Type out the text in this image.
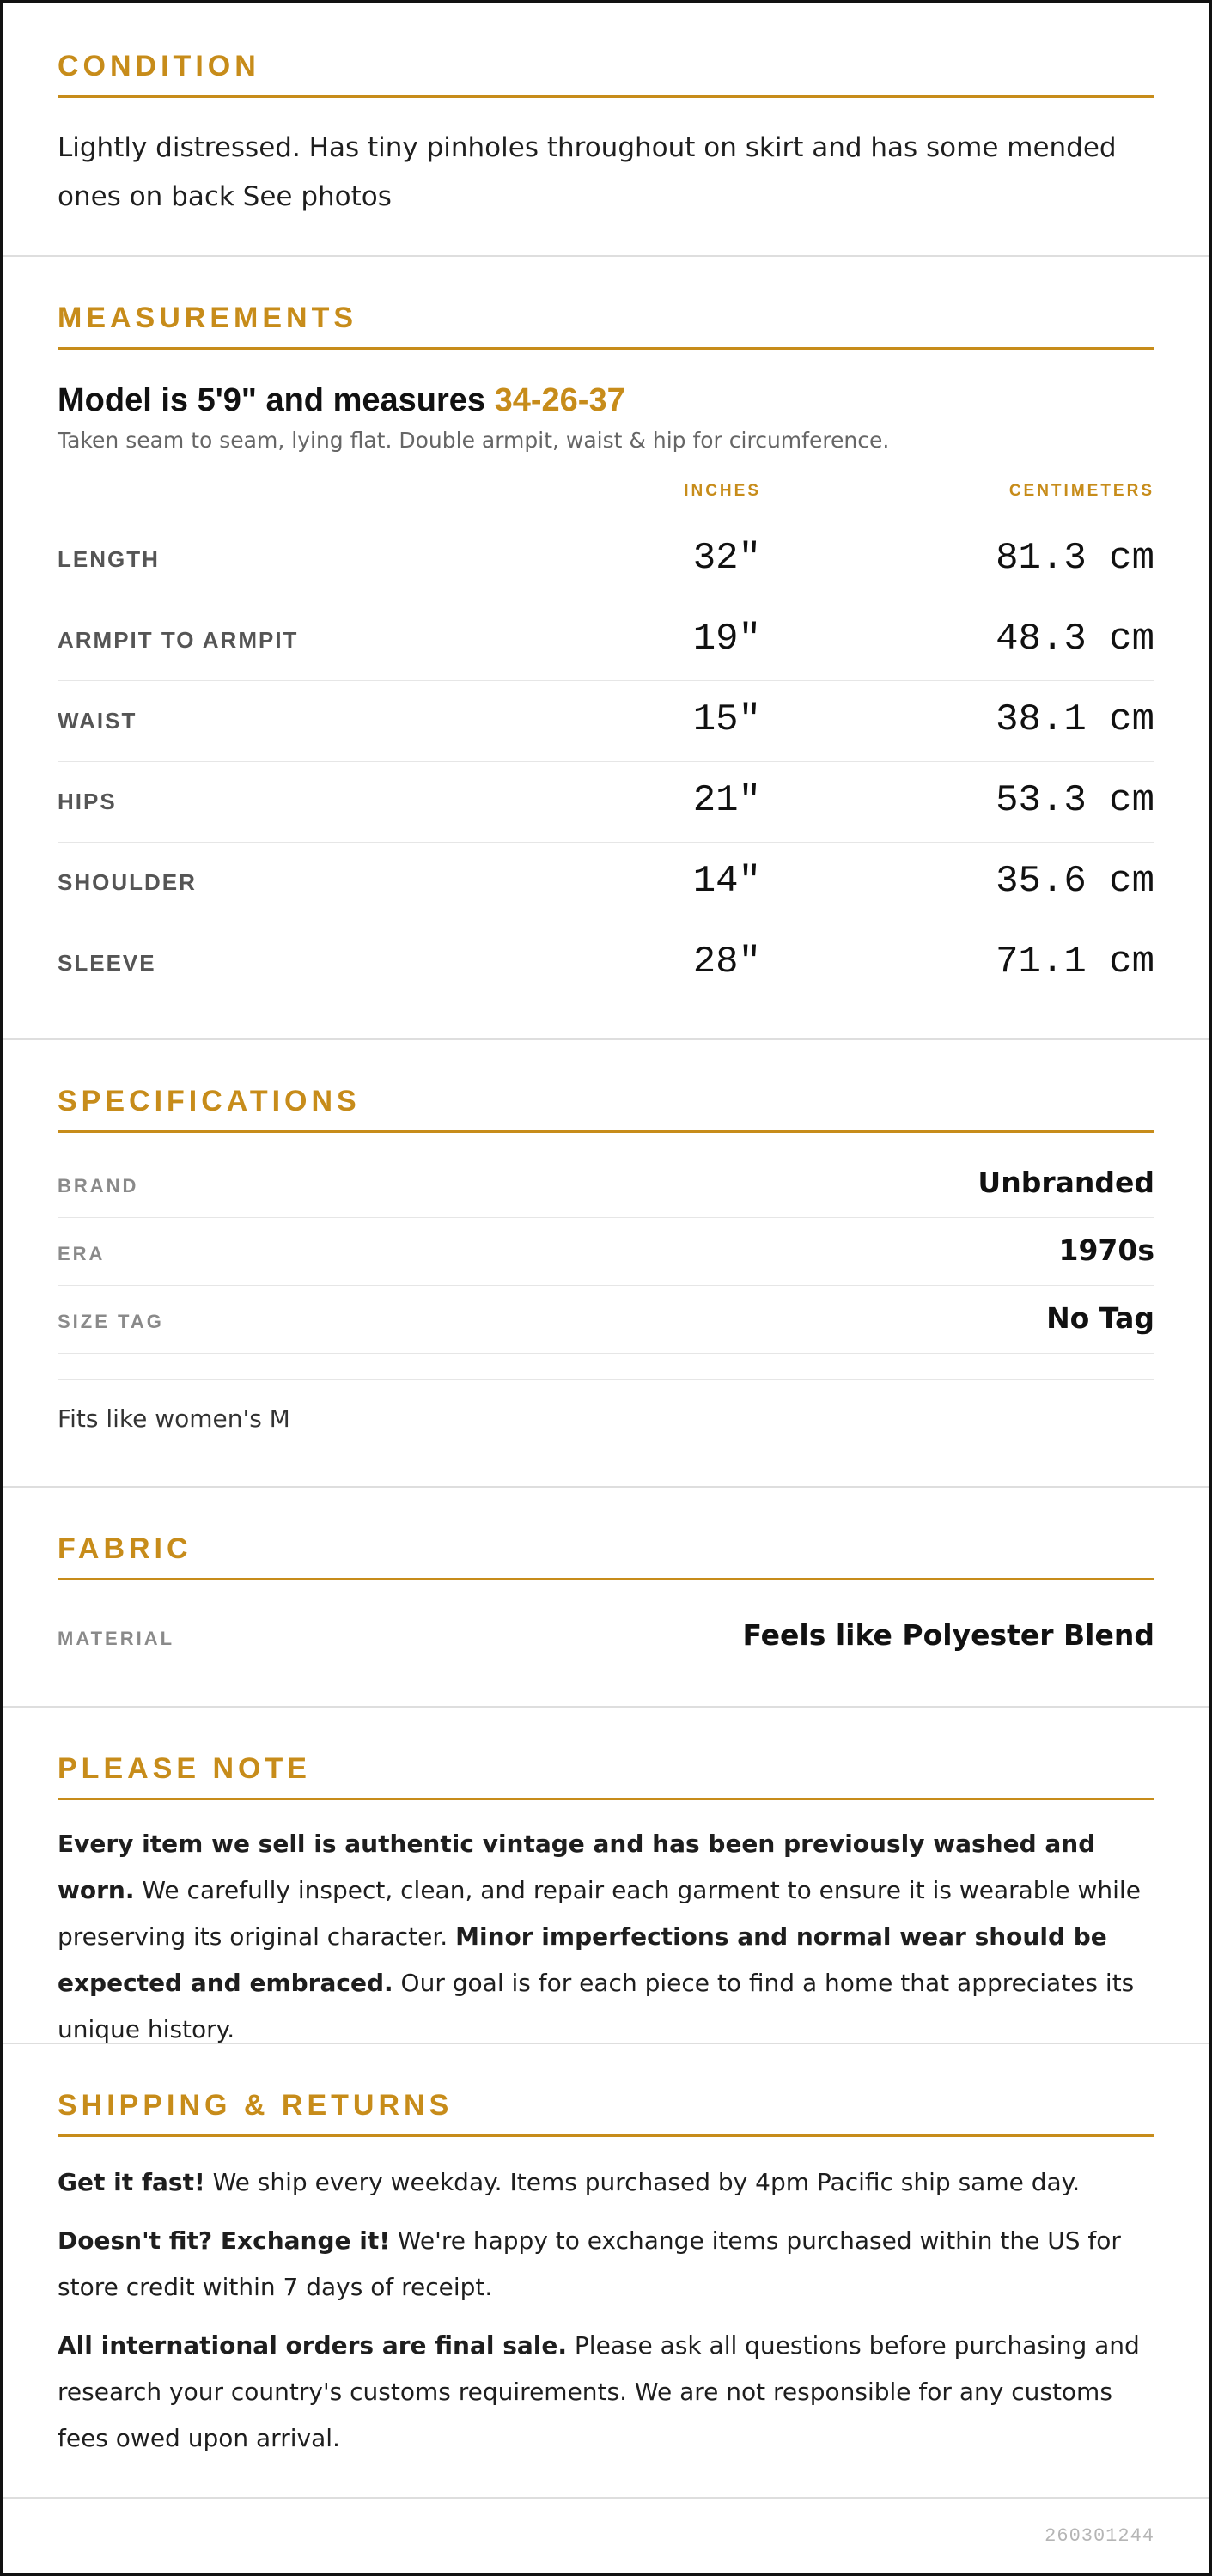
CONDITION
Lightly distressed. Has tiny pinholes throughout on skirt and has some mended ones on back See photos
MEASUREMENTS
Model is 5'9" and measures 34-26-37
Taken seam to seam, lying flat. Double armpit, waist & hip for circumference.
INCHES	CENTIMETERS
LENGTH	32"	81.3 cm
ARMPIT TO ARMPIT	19"	48.3 cm
WAIST	15"	38.1 cm
HIPS	21"	53.3 cm
SHOULDER	14"	35.6 cm
SLEEVE	28"	71.1 cm
SPECIFICATIONS
BRAND	Unbranded
ERA	1970s
SIZE TAG	No Tag
Fits like women's M
FABRIC
MATERIAL	Feels like Polyester Blend
PLEASE NOTE
Every item we sell is authentic vintage and has been previously washed and worn. We carefully inspect, clean, and repair each garment to ensure it is wearable while preserving its original character. Minor imperfections and normal wear should be expected and embraced. Our goal is for each piece to find a home that appreciates its unique history.
SHIPPING & RETURNS

Get it fast! We ship every weekday. Items purchased by 4pm Pacific ship same day.

Doesn't fit? Exchange it! We're happy to exchange items purchased within the US for store credit within 7 days of receipt.

All international orders are final sale. Please ask all questions before purchasing and research your country's customs requirements. We are not responsible for any customs fees owed upon arrival.

260301244
